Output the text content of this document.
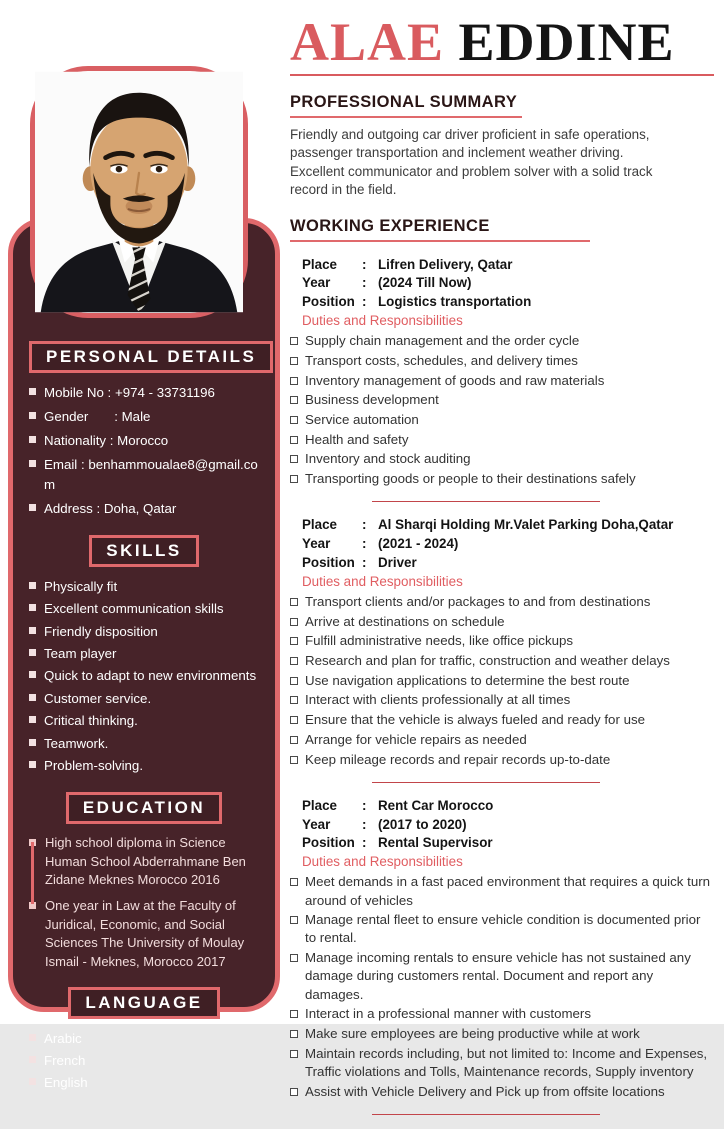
PERSONAL DETAILS
Mobile No : +974 - 33731196
Gender       : Male
Nationality : Morocco
Email : benhammoualae8@gmail.com
Address : Doha, Qatar
SKILLS
Physically fit
Excellent communication skills
Friendly disposition
Team player
Quick to adapt to new environments
Customer service.
Critical thinking.
Teamwork.
Problem-solving.
EDUCATION
High school diploma in Science Human School Abderrahmane Ben Zidane Meknes Morocco 2016
One year in Law at the Faculty of Juridical, Economic, and Social Sciences The University of Moulay Ismail - Meknes, Morocco 2017
LANGUAGE
Arabic
French
English
ALAE EDDINE
PROFESSIONAL SUMMARY
Friendly and outgoing car driver proficient in safe operations, passenger transportation and inclement weather driving. Excellent communicator and problem solver with a solid track record in the field.
WORKING EXPERIENCE
Place	: Lifren Delivery, Qatar
Year	: (2024 Till Now)
Position : Logistics transportation
Duties and Responsibilities
Supply chain management and the order cycle
Transport costs, schedules, and delivery times
Inventory management of goods and raw materials
Business development
Service automation
Health and safety
Inventory and stock auditing
Transporting goods or people to their destinations safely
Place	: Al Sharqi Holding Mr.Valet Parking Doha,Qatar
Year	: (2021 - 2024)
Position : Driver
Duties and Responsibilities
Transport clients and/or packages to and from destinations
Arrive at destinations on schedule
Fulfill administrative needs, like office pickups
Research and plan for traffic, construction and weather delays
Use navigation applications to determine the best route
Interact with clients professionally at all times
Ensure that the vehicle is always fueled and ready for use
Arrange for vehicle repairs as needed
Keep mileage records and repair records up-to-date
Place	: Rent Car Morocco
Year	: (2017 to 2020)
Position : Rental Supervisor
Duties and Responsibilities
Meet demands in a fast paced environment that requires a quick turn around of vehicles
Manage rental fleet to ensure vehicle condition is documented prior to rental.
Manage incoming rentals to ensure vehicle has not sustained any damage during customers rental. Document and report any damages.
Interact in a professional manner with customers
Make sure employees are being productive while at work
Maintain records including, but not limited to: Income and Expenses, Traffic violations and Tolls, Maintenance records, Supply inventory
Assist with Vehicle Delivery and Pick up from offsite locations
